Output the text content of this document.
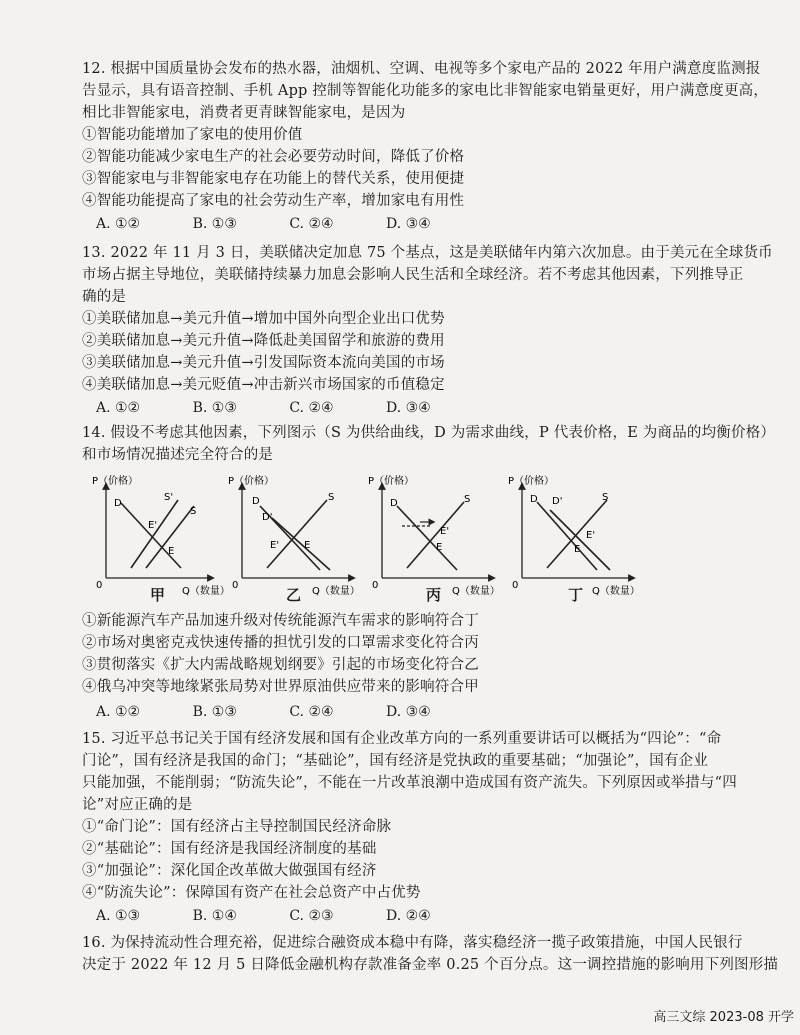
12. 根据中国质量协会发布的热水器，油烟机、空调、电视等多个家电产品的 2022 年用户满意度监测报
告显示，具有语音控制、手机 App 控制等智能化功能多的家电比非智能家电销量更好，用户满意度更高，
相比非智能家电，消费者更青睐智能家电，是因为
①智能功能增加了家电的使用价值
②智能功能减少家电生产的社会必要劳动时间，降低了价格
③智能家电与非智能家电存在功能上的替代关系，使用便捷
④智能功能提高了家电的社会劳动生产率，增加家电有用性
A. ①②	B. ①③	C. ②④	D. ③④
13. 2022 年 11 月 3 日，美联储决定加息 75 个基点，这是美联储年内第六次加息。由于美元在全球货币
市场占据主导地位，美联储持续暴力加息会影响人民生活和全球经济。若不考虑其他因素，下列推导正
确的是
①美联储加息→美元升值→增加中国外向型企业出口优势
②美联储加息→美元升值→降低赴美国留学和旅游的费用
③美联储加息→美元升值→引发国际资本流向美国的市场
④美联储加息→美元贬值→冲击新兴市场国家的币值稳定
A. ①②	B. ①③	C. ②④	D. ③④
14. 假设不考虑其他因素，下列图示（S 为供给曲线，D 为需求曲线，P 代表价格，E 为商品的均衡价格）
和市场情况描述完全符合的是
P（价格）
D
S'
S
E
E'
0
Q（数量）
甲
P（价格）
D	S
D'
E
E'
0
Q（数量）
乙
P（价格）
D	S
E'
E
0
Q（数量）
丙
P（价格）
D D'	S
E
E'
0
Q（数量）
丁
①新能源汽车产品加速升级对传统能源汽车需求的影响符合丁
②市场对奥密克戎快速传播的担忧引发的口罩需求变化符合丙
③贯彻落实《扩大内需战略规划纲要》引起的市场变化符合乙
④俄乌冲突等地缘紧张局势对世界原油供应带来的影响符合甲
A. ①②	B. ①③	C. ②④	D. ③④
15. 习近平总书记关于国有经济发展和国有企业改革方向的一系列重要讲话可以概括为“四论”：“命
门论”，国有经济是我国的命门；“基础论”，国有经济是党执政的重要基础；“加强论”，国有企业
只能加强，不能削弱；“防流失论”，不能在一片改革浪潮中造成国有资产流失。下列原因或举措与“四
论”对应正确的是
①“命门论”：国有经济占主导控制国民经济命脉
②“基础论”：国有经济是我国经济制度的基础
③“加强论”：深化国企改革做大做强国有经济
④“防流失论”：保障国有资产在社会总资产中占优势
A. ①③	B. ①④	C. ②③	D. ②④
16. 为保持流动性合理充裕，促进综合融资成本稳中有降，落实稳经济一揽子政策措施，中国人民银行
决定于 2022 年 12 月 5 日降低金融机构存款准备金率 0.25 个百分点。这一调控措施的影响用下列图形描
高三文综 2023-08 开学
